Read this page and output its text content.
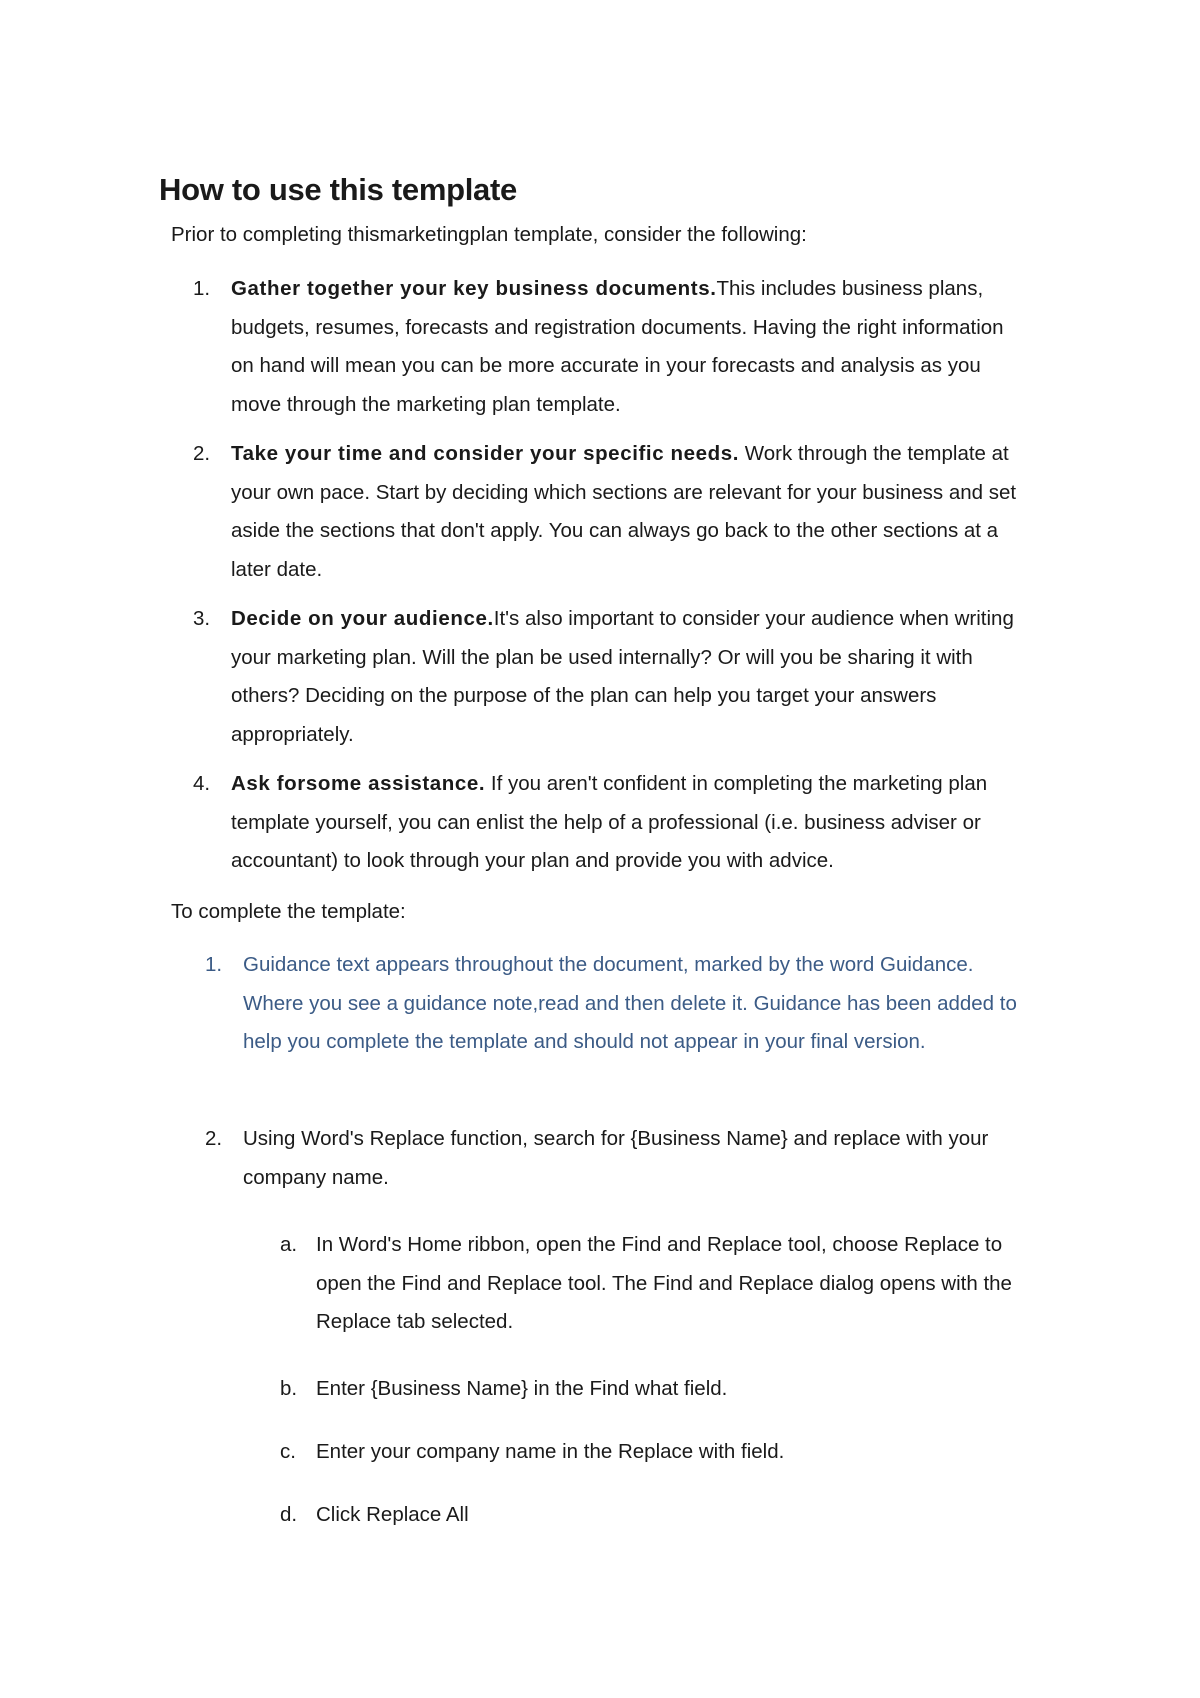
How to use this template

Prior to completing thismarketingplan template, consider the following:

1. Gather together your key business documents.This includes business plans, budgets, resumes, forecasts and registration documents. Having the right information on hand will mean you can be more accurate in your forecasts and analysis as you move through the marketing plan template.

2. Take your time and consider your specific needs. Work through the template at your own pace. Start by deciding which sections are relevant for your business and set aside the sections that don't apply. You can always go back to the other sections at a later date.

3. Decide on your audience.It's also important to consider your audience when writing your marketing plan. Will the plan be used internally? Or will you be sharing it with others? Deciding on the purpose of the plan can help you target your answers appropriately.

4. Ask forsome assistance. If you aren't confident in completing the marketing plan template yourself, you can enlist the help of a professional (i.e. business adviser or accountant) to look through your plan and provide you with advice.

To complete the template:

1. Guidance text appears throughout the document, marked by the word Guidance. Where you see a guidance note,read and then delete it. Guidance has been added to help you complete the template and should not appear in your final version.

2. Using Word's Replace function, search for {Business Name} and replace with your company name.

a. In Word's Home ribbon, open the Find and Replace tool, choose Replace to open the Find and Replace tool. The Find and Replace dialog opens with the Replace tab selected.

b. Enter {Business Name} in the Find what field.

c. Enter your company name in the Replace with field.

d. Click Replace All
